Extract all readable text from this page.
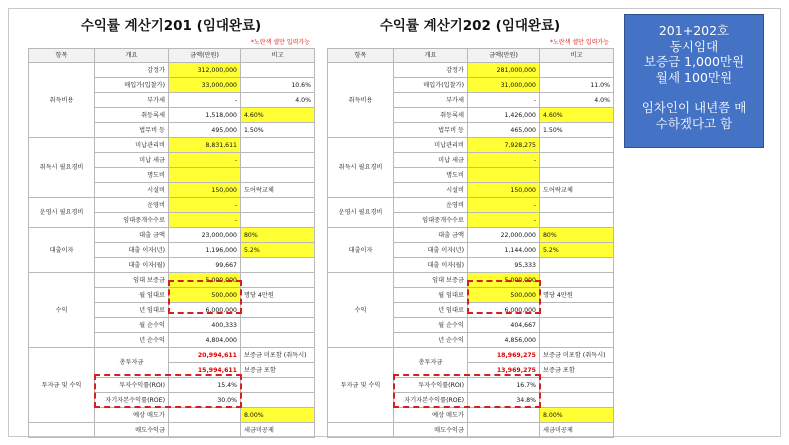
수익률 계산기201 (임대완료)
*노란색 셀만 입력가능
항목	개요	금액(만원)	비고
취득비용	감정가	312,000,000	
	매입가(입찰가)	33,000,000	10.6%
	부가세	-	4.0%
	취등록세	1,518,000	4.60%
	법무비 등	495,000	1.50%
취득시 필요경비	미납관리비	8,831,611	
	미납 세금	-	
	명도비		
	시설비	150,000	도어락교체
운영시 필요경비	운영비	-	
	임대중개수수료	-	
대출이자	대출 금액	23,000,000	80%
	대출 이자(년)	1,196,000	5.2%
	대출 이자(월)	99,667	
수익	임대 보증금	5,000,000	
	월 임대료	500,000	명당 4만원
	년 임대료	6,000,000	
	월 순수익	400,333	
	년 순수익	4,804,000	
투자금 및 수익	총투자금	20,994,611	보증금 미포함 (취득시)
		15,994,611	보증금 포함
	투자수익률(ROI)	15.4%	
	자기자본수익률(ROE)	30.0%	
	예상 매도가		8.00%
	매도수익금		세금미공제
수익률 계산기202 (임대완료)
*노란색 셀만 입력가능
항목	개요	금액(만원)	비고
취득비용	감정가	281,000,000	
	매입가(입찰가)	31,000,000	11.0%
	부가세	-	4.0%
	취등록세	1,426,000	4.60%
	법무비 등	465,000	1.50%
취득시 필요경비	미납관리비	7,928,275	
	미납 세금	-	
	명도비		
	시설비	150,000	도어락교체
운영시 필요경비	운영비	-	
	임대중개수수료	-	
대출이자	대출 금액	22,000,000	80%
	대출 이자(년)	1,144,000	5.2%
	대출 이자(월)	95,333	
수익	임대 보증금	5,000,000	
	월 임대료	500,000	명당 4만원
	년 임대료	6,000,000	
	월 순수익	404,667	
	년 순수익	4,856,000	
투자금 및 수익	총투자금	18,969,275	보증금 미포함 (취득시)
		13,969,275	보증금 포함
	투자수익률(ROI)	16.7%	
	자기자본수익률(ROE)	34.8%	
	예상 매도가		8.00%
	매도수익금		세금미공제
201+202호
동시임대
보증금 1,000만원
월세 100만원
임차인이 내년쯤 매
수하겠다고 함
